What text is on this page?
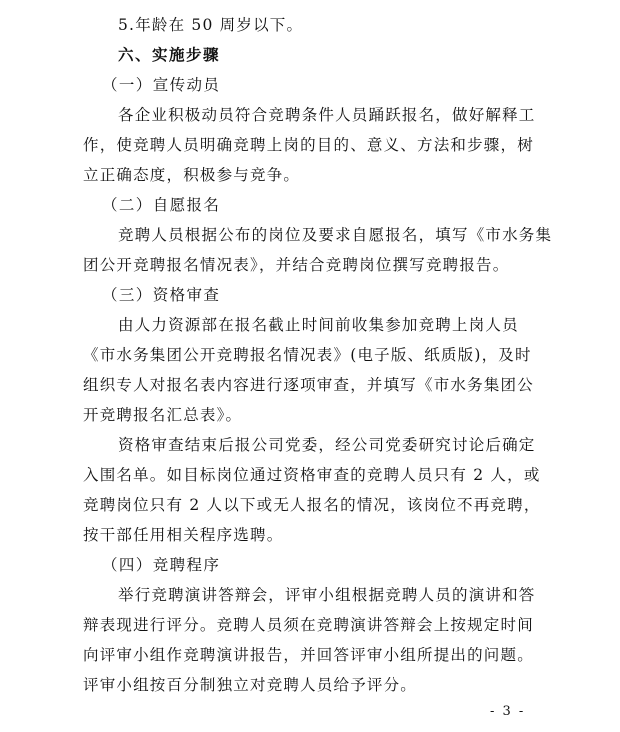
5.年龄在 50 周岁以下。
六、实施步骤
（一）宣传动员
各企业积极动员符合竞聘条件人员踊跃报名，做好解释工
作，使竞聘人员明确竞聘上岗的目的、意义、方法和步骤，树
立正确态度，积极参与竞争。
（二）自愿报名
竞聘人员根据公布的岗位及要求自愿报名，填写《市水务集
团公开竞聘报名情况表》，并结合竞聘岗位撰写竞聘报告。
（三）资格审查
由人力资源部在报名截止时间前收集参加竞聘上岗人员
《市水务集团公开竞聘报名情况表》(电子版、纸质版)，及时
组织专人对报名表内容进行逐项审查，并填写《市水务集团公
开竞聘报名汇总表》。
资格审查结束后报公司党委，经公司党委研究讨论后确定
入围名单。如目标岗位通过资格审查的竞聘人员只有 2 人，或
竞聘岗位只有 2 人以下或无人报名的情况，该岗位不再竞聘，
按干部任用相关程序选聘。
（四）竞聘程序
举行竞聘演讲答辩会，评审小组根据竞聘人员的演讲和答
辩表现进行评分。竞聘人员须在竞聘演讲答辩会上按规定时间
向评审小组作竞聘演讲报告，并回答评审小组所提出的问题。
评审小组按百分制独立对竞聘人员给予评分。
- 3 -
